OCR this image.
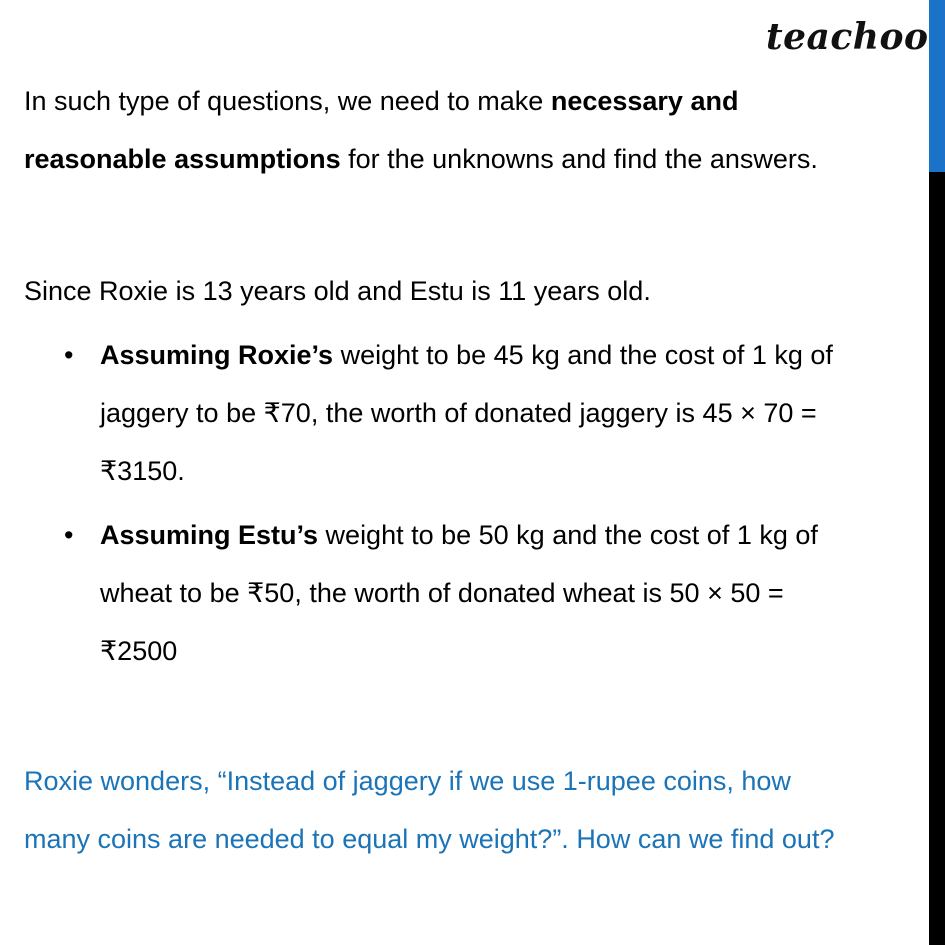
teachoo
In such type of questions, we need to make necessary and
reasonable assumptions for the unknowns and find the answers.
Since Roxie is 13 years old and Estu is 11 years old.
• Assuming Roxie’s weight to be 45 kg and the cost of 1 kg of
jaggery to be ₹70, the worth of donated jaggery is 45 × 70 =
₹3150.
• Assuming Estu’s weight to be 50 kg and the cost of 1 kg of
wheat to be ₹50, the worth of donated wheat is 50 × 50 =
₹2500
Roxie wonders, “Instead of jaggery if we use 1-rupee coins, how
many coins are needed to equal my weight?”. How can we find out?
